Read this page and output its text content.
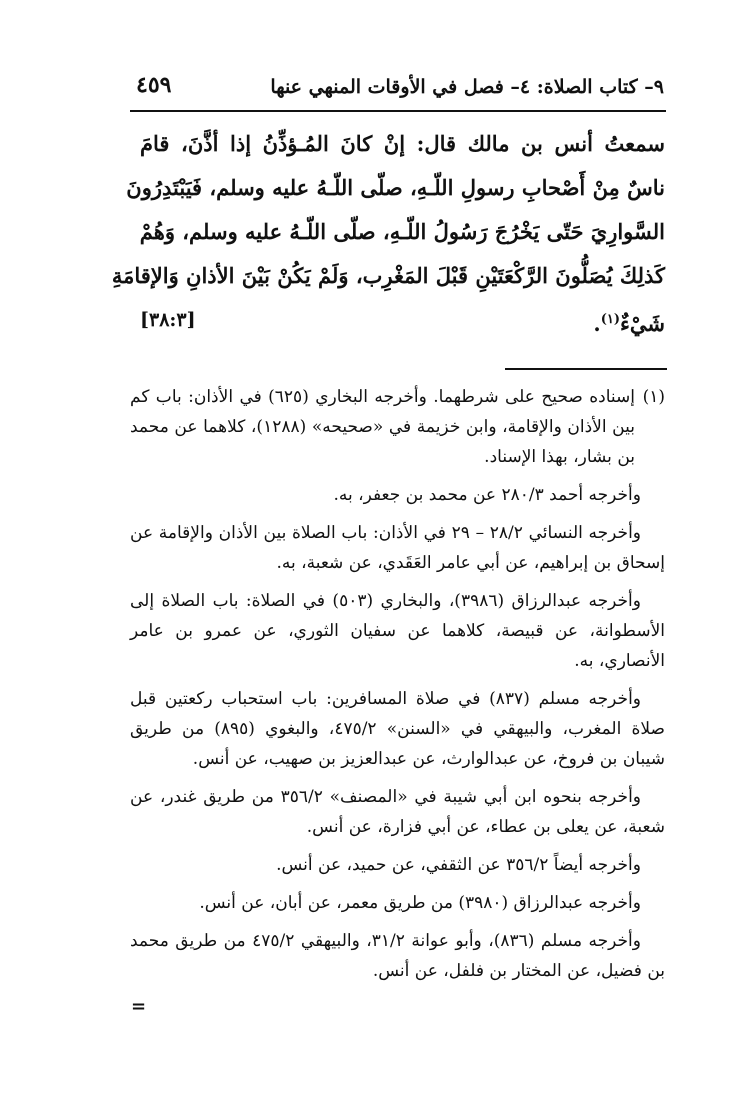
٩– كتاب الصلاة: ٤– فصل في الأوقات المنهي عنها
٤٥٩
سمعتُ أنس بن مالك قال: إنْ كانَ المُـؤذِّنُ إذا أذَّنَ، قامَ
ناسٌ مِنْ أَصْحابِ رسولِ اللّـهِ، صلّى اللّـهُ عليه وسلم، فَيَبْتَدِرُونَ
السَّوارِيَ حَتّى يَخْرُجَ رَسُولُ اللّـهِ، صلّى اللّـهُ عليه وسلم، وَهُمْ
كَذلِكَ يُصَلُّونَ الرَّكْعَتَيْنِ قَبْلَ المَغْرِب، وَلَمْ يَكُنْ بَيْنَ الأذانِ وَالإقامَةِ
شَيْءٌ$^{(١)}$.
[٣٨:٣]
(١)
إسناده صحيح على شرطهما. وأخرجه البخاري (٦٢٥) في الأذان: باب كم بين الأذان والإقامة، وابن خزيمة في «صحيحه» (١٢٨٨)، كلاهما عن محمد بن بشار، بهذا الإسناد.

وأخرجه أحمد ٢٨٠/٣ عن محمد بن جعفر، به.

وأخرجه النسائي ٢٨/٢ – ٢٩ في الأذان: باب الصلاة بين الأذان والإقامة عن إسحاق بن إبراهيم، عن أبي عامر العَقَدي، عن شعبة، به.

وأخرجه عبدالرزاق (٣٩٨٦)، والبخاري (٥٠٣) في الصلاة: باب الصلاة إلى الأسطوانة، عن قبيصة، كلاهما عن سفيان الثوري، عن عمرو بن عامر الأنصاري، به.

وأخرجه مسلم (٨٣٧) في صلاة المسافرين: باب استحباب ركعتين قبل صلاة المغرب، والبيهقي في «السنن» ٤٧٥/٢، والبغوي (٨٩٥) من طريق شيبان بن فروخ، عن عبدالوارث، عن عبدالعزيز بن صهيب، عن أنس.

وأخرجه بنحوه ابن أبي شيبة في «المصنف» ٣٥٦/٢ من طريق غندر، عن شعبة، عن يعلى بن عطاء، عن أبي فزارة، عن أنس.

وأخرجه أيضاً ٣٥٦/٢ عن الثقفي، عن حميد، عن أنس.

وأخرجه عبدالرزاق (٣٩٨٠) من طريق معمر، عن أبان، عن أنس.

وأخرجه مسلم (٨٣٦)، وأبو عوانة ٣١/٢، والبيهقي ٤٧٥/٢ من طريق محمد بن فضيل، عن المختار بن فلفل، عن أنس.

=
